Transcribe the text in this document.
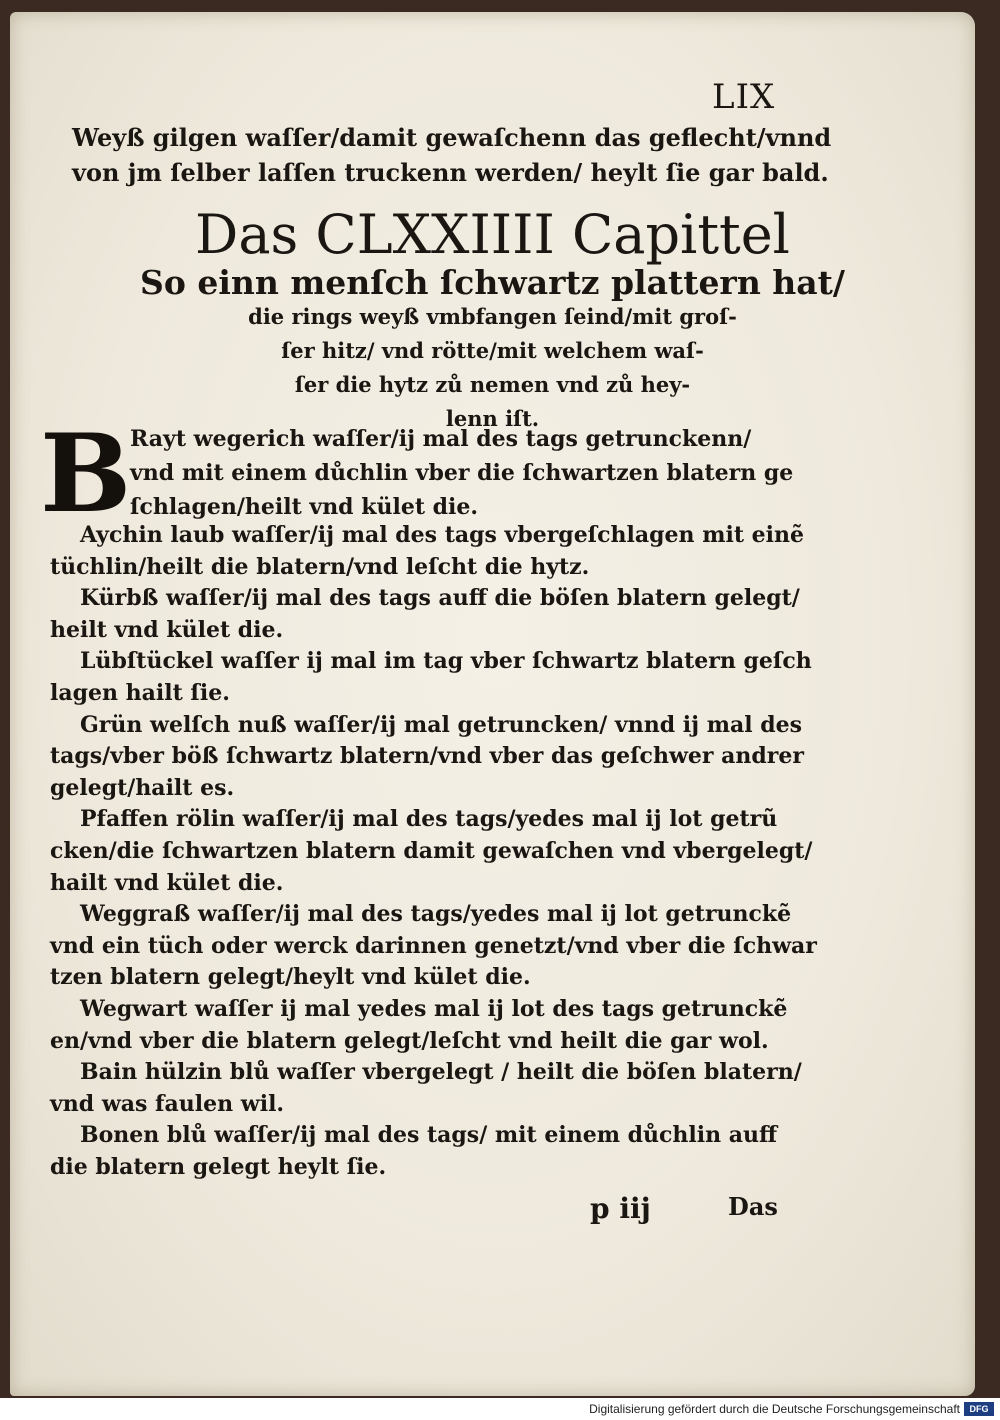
LIX
Weyß gilgen waſſer/damit gewaſchenn das geflecht/vnnd
von jm ſelber laſſen truckenn werden/ heylt ſie gar bald.
Das CLXXIIII Capittel
So einn menſch ſchwartz plattern hat/
die rings weyß vmbfangen ſeind/mit groſ-
ſer hitz/ vnd rötte/mit welchem waſ-
ſer die hytz zů nemen vnd zů hey-
lenn iſt.
B
Rayt wegerich waſſer/ij mal des tags getrunckenn/
vnd mit einem důchlin vber die ſchwartzen blatern ge
ſchlagen/heilt vnd kület die.
Aychin laub waſſer/ij mal des tags vbergeſchlagen mit einẽ
tüchlin/heilt die blatern/vnd leſcht die hytz.
Kürbß waſſer/ij mal des tags auff die böſen blatern gelegt/
heilt vnd kület die.
Lübſtückel waſſer ij mal im tag vber ſchwartz blatern geſch
lagen hailt ſie.
Grün welſch nuß waſſer/ij mal getruncken/ vnnd ij mal des
tags/vber böß ſchwartz blatern/vnd vber das geſchwer andrer
gelegt/hailt es.
Pfaffen rölin waſſer/ij mal des tags/yedes mal ij lot getrũ
cken/die ſchwartzen blatern damit gewaſchen vnd vbergelegt/
hailt vnd kület die.
Weggraß waſſer/ij mal des tags/yedes mal ij lot getrunckẽ
vnd ein tüch oder werck darinnen genetzt/vnd vber die ſchwar
tzen blatern gelegt/heylt vnd kület die.
Wegwart waſſer ij mal yedes mal ij lot des tags getrunckẽ
en/vnd vber die blatern gelegt/leſcht vnd heilt die gar wol.
Bain hülzin blů waſſer vbergelegt / heilt die böſen blatern/
vnd was faulen wil.
Bonen blů waſſer/ij mal des tags/ mit einem důchlin auff
die blatern gelegt heylt ſie.
p iij	Das
Digitalisierung gefördert durch die Deutsche Forschungsgemeinschaft	DFG
